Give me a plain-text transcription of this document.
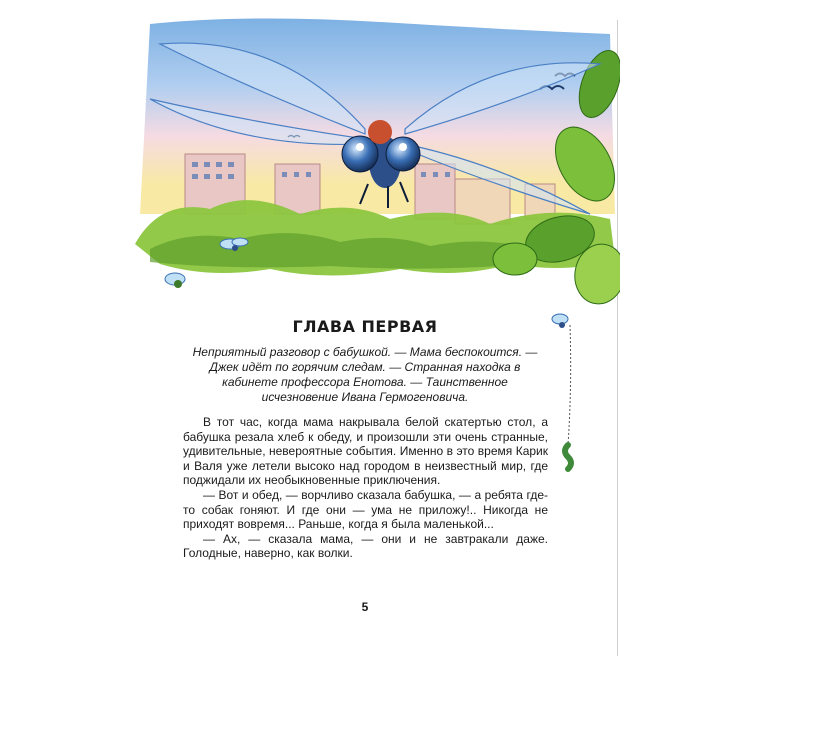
ГЛАВА ПЕРВАЯ
Неприятный разговор с бабушкой. — Мама беспокоится. —
Джек идёт по горячим следам. — Странная находка в
кабинете профессора Енотова. — Таинственное
исчезновение Ивана Гермогеновича.

В тот час, когда мама накрывала белой скатертью стол, а бабушка резала хлеб к обеду, и произошли эти очень странные, удивительные, невероятные события. Именно в это время Карик и Валя уже летели высоко над городом в неизвестный мир, где поджидали их необыкновенные приключения.

— Вот и обед, — ворчливо сказала бабушка, — а ребята где-то собак гоняют. И где они — ума не приложу!.. Никогда не приходят вовремя... Раньше, когда я была маленькой...

— Ах, — сказала мама, — они и не завтракали даже. Голодные, наверно, как волки.

5
